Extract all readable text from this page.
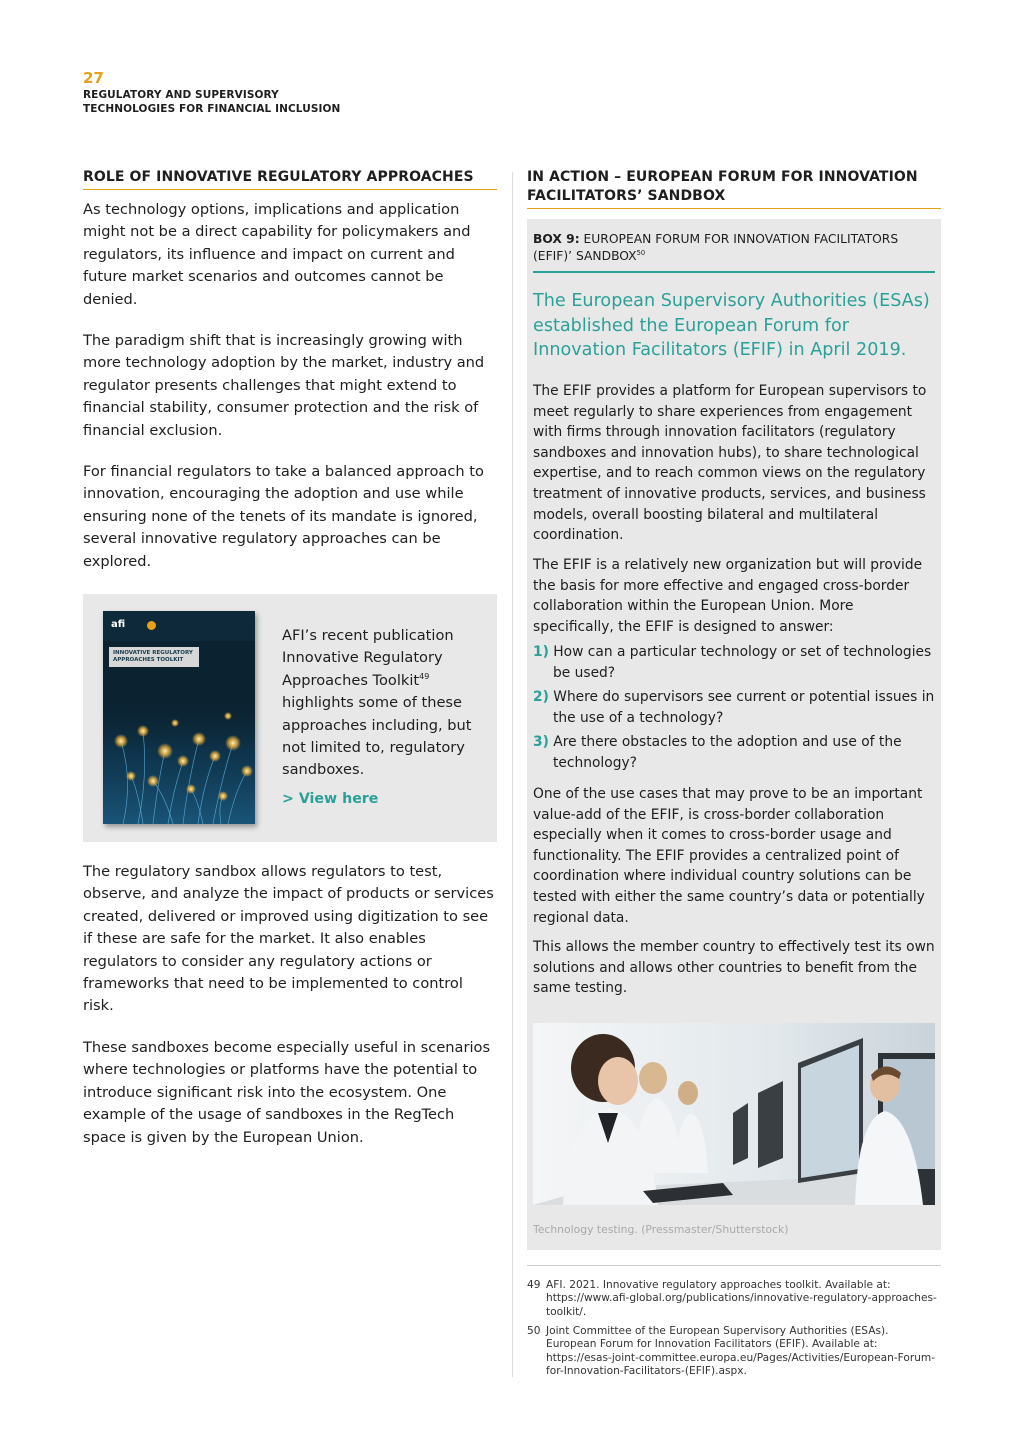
27
REGULATORY AND SUPERVISORY
TECHNOLOGIES FOR FINANCIAL INCLUSION
ROLE OF INNOVATIVE REGULATORY APPROACHES

As technology options, implications and application might not be a direct capability for policymakers and regulators, its influence and impact on current and future market scenarios and outcomes cannot be denied.

The paradigm shift that is increasingly growing with more technology adoption by the market, industry and regulator presents challenges that might extend to financial stability, consumer protection and the risk of financial exclusion.

For financial regulators to take a balanced approach to innovation, encouraging the adoption and use while ensuring none of the tenets of its mandate is ignored, several innovative regulatory approaches can be explored.

afi
INNOVATIVE REGULATORY APPROACHES TOOLKIT
AFI’s recent publication Innovative Regulatory Approaches Toolkit$^{49}$ highlights some of these approaches including, but not limited to, regulatory sandboxes.
> View here

The regulatory sandbox allows regulators to test, observe, and analyze the impact of products or services created, delivered or improved using digitization to see if these are safe for the market. It also enables regulators to consider any regulatory actions or frameworks that need to be implemented to control risk.

These sandboxes become especially useful in scenarios where technologies or platforms have the potential to introduce significant risk into the ecosystem. One example of the usage of sandboxes in the RegTech space is given by the European Union.

IN ACTION – EUROPEAN FORUM FOR INNOVATION FACILITATORS’ SANDBOX
BOX 9: EUROPEAN FORUM FOR INNOVATION FACILITATORS (EFIF)’ SANDBOX$^{50}$

The European Supervisory Authorities (ESAs) established the European Forum for Innovation Facilitators (EFIF) in April 2019.

The EFIF provides a platform for European supervisors to meet regularly to share experiences from engagement with firms through innovation facilitators (regulatory sandboxes and innovation hubs), to share technological expertise, and to reach common views on the regulatory treatment of innovative products, services, and business models, overall boosting bilateral and multilateral coordination.

The EFIF is a relatively new organization but will provide the basis for more effective and engaged cross-border collaboration within the European Union. More specifically, the EFIF is designed to answer:

1) How can a particular technology or set of technologies be used?
2) Where do supervisors see current or potential issues in the use of a technology?
3) Are there obstacles to the adoption and use of the technology?

One of the use cases that may prove to be an important value-add of the EFIF, is cross-border collaboration especially when it comes to cross-border usage and functionality. The EFIF provides a centralized point of coordination where individual country solutions can be tested with either the same country’s data or potentially regional data.

This allows the member country to effectively test its own solutions and allows other countries to benefit from the same testing.

Technology testing. (Pressmaster/Shutterstock)
49 AFI. 2021. Innovative regulatory approaches toolkit. Available at: https://www.afi-global.org/publications/innovative-regulatory-approaches-toolkit/.
50 Joint Committee of the European Supervisory Authorities (ESAs). European Forum for Innovation Facilitators (EFIF). Available at: https://esas-joint-committee.europa.eu/Pages/Activities/European-Forum-for-Innovation-Facilitators-(EFIF).aspx.
